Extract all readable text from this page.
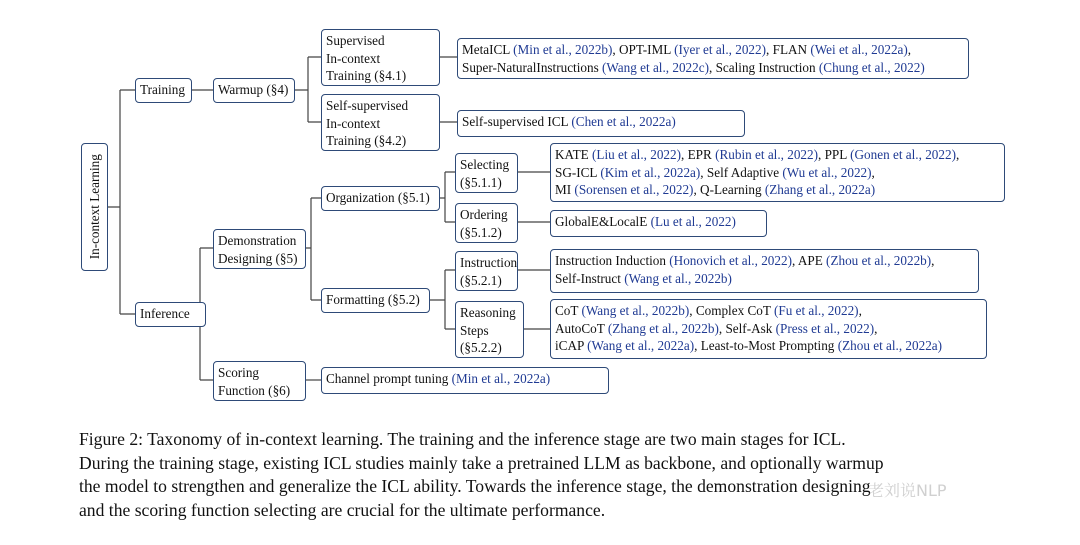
In-context Learning
Training	Warmup (§4)
Supervised
In-context
Training (§4.1)
MetaICL (Min et al., 2022b), OPT-IML (Iyer et al., 2022), FLAN (Wei et al., 2022a),
Super-NaturalInstructions (Wang et al., 2022c), Scaling Instruction (Chung et al., 2022)
Self-supervised
In-context
Training (§4.2)
Self-supervised ICL (Chen et al., 2022a)
Inference
Demonstration
Designing (§5)
Organization (§5.1)
Selecting
(§5.1.1)
KATE (Liu et al., 2022), EPR (Rubin et al., 2022), PPL (Gonen et al., 2022),
SG-ICL (Kim et al., 2022a), Self Adaptive (Wu et al., 2022),
MI (Sorensen et al., 2022), Q-Learning (Zhang et al., 2022a)
Ordering
(§5.1.2)
GlobalE&LocalE (Lu et al., 2022)
Formatting (§5.2)
Instruction
(§5.2.1)
Instruction Induction (Honovich et al., 2022), APE (Zhou et al., 2022b),
Self-Instruct (Wang et al., 2022b)
Reasoning
Steps
(§5.2.2)
CoT (Wang et al., 2022b), Complex CoT (Fu et al., 2022),
AutoCoT (Zhang et al., 2022b), Self-Ask (Press et al., 2022),
iCAP (Wang et al., 2022a), Least-to-Most Prompting (Zhou et al., 2022a)
Scoring
Function (§6)
Channel prompt tuning (Min et al., 2022a)
Figure 2: Taxonomy of in-context learning. The training and the inference stage are two main stages for ICL.
During the training stage, existing ICL studies mainly take a pretrained LLM as backbone, and optionally warmup
the model to strengthen and generalize the ICL ability. Towards the inference stage, the demonstration designing
and the scoring function selecting are crucial for the ultimate performance.
老刘说NLP
